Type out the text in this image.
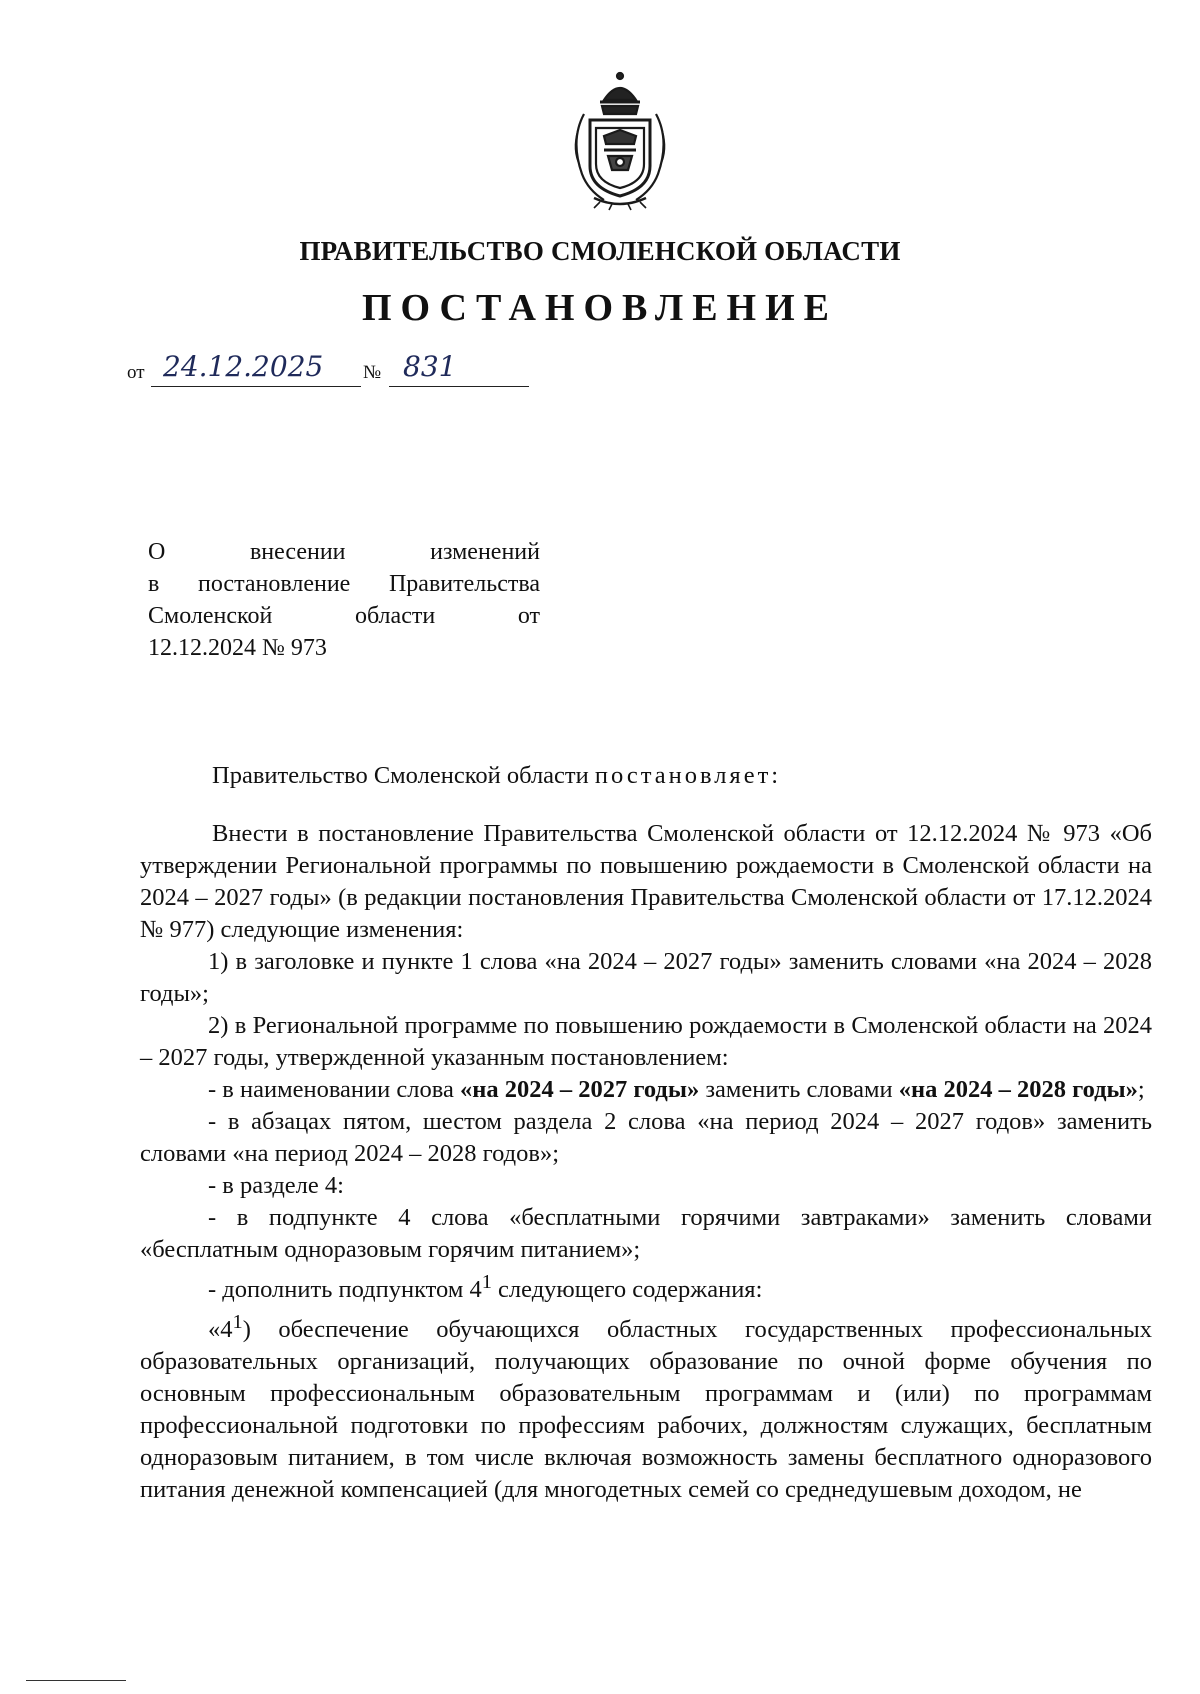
ПРАВИТЕЛЬСТВО СМОЛЕНСКОЙ ОБЛАСТИ
ПОСТАНОВЛЕНИЕ
от 24.12.2025 № 831
О внесении изменений
в постановление Правительства
Смоленской области от
12.12.2024 № 973

Правительство Смоленской области постановляет:

Внести в постановление Правительства Смоленской области от 12.12.2024 № 973 «Об утверждении Региональной программы по повышению рождаемости в Смоленской области на 2024 – 2027 годы» (в редакции постановления Правительства Смоленской области от 17.12.2024 № 977) следующие изменения:

1) в заголовке и пункте 1 слова «на 2024 – 2027 годы» заменить словами «на 2024 – 2028 годы»;

2) в Региональной программе по повышению рождаемости в Смоленской области на 2024 – 2027 годы, утвержденной указанным постановлением:

- в наименовании слова «на 2024 – 2027 годы» заменить словами «на 2024 – 2028 годы»;

- в абзацах пятом, шестом раздела 2 слова «на период 2024 – 2027 годов» заменить словами «на период 2024 – 2028 годов»;

- в разделе 4:

- в подпункте 4 слова «бесплатными горячими завтраками» заменить словами «бесплатным одноразовым горячим питанием»;

- дополнить подпунктом $4^1$ следующего содержания:

«$4^1$) обеспечение обучающихся областных государственных профессиональных образовательных организаций, получающих образование по очной форме обучения по основным профессиональным образовательным программам и (или) по программам профессиональной подготовки по профессиям рабочих, должностям служащих, бесплатным одноразовым питанием, в том числе включая возможность замены бесплатного одноразового питания денежной компенсацией (для многодетных семей со среднедушевым доходом, не
